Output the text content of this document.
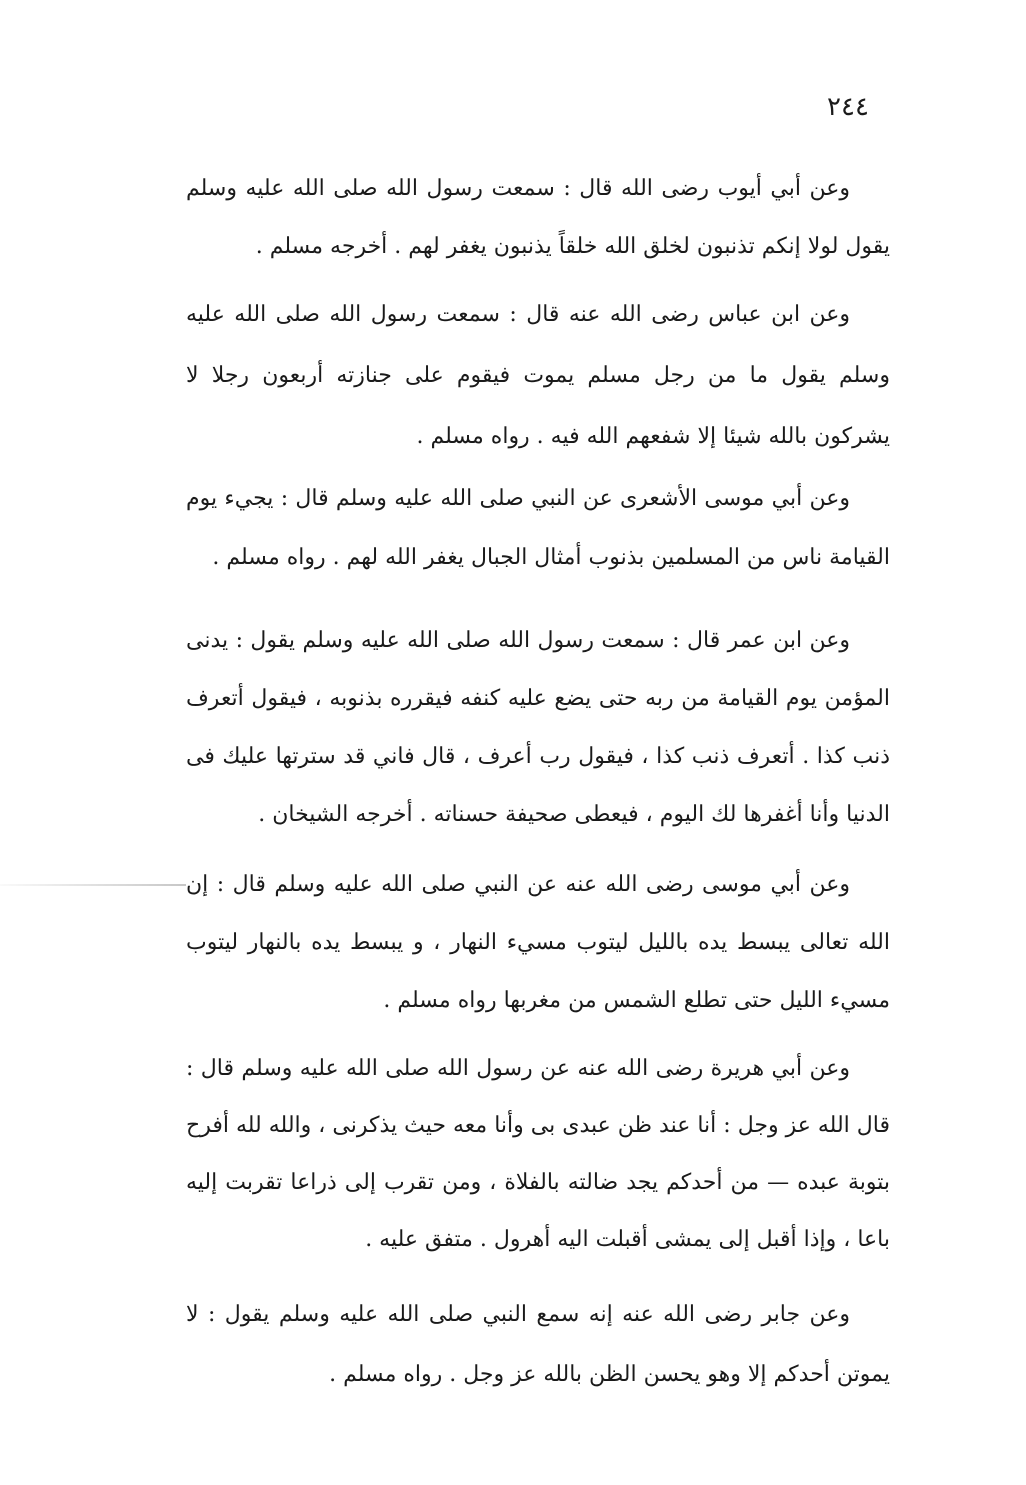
٢٤٤

وعن أبي أيوب رضى الله قال : سمعت رسول الله صلى الله عليه وسلم يقول لولا إنكم تذنبون لخلق الله خلقاً يذنبون يغفر لهم . أخرجه مسلم .

وعن ابن عباس رضى الله عنه قال : سمعت رسول الله صلى الله عليه وسلم يقول ما من رجل مسلم يموت فيقوم على جنازته أربعون رجلا لا يشركون بالله شيئا إلا شفعهم الله فيه . رواه مسلم .

وعن أبي موسى الأشعرى عن النبي صلى الله عليه وسلم قال : يجيء يوم القيامة ناس من المسلمين بذنوب أمثال الجبال يغفر الله لهم . رواه مسلم .

وعن ابن عمر قال : سمعت رسول الله صلى الله عليه وسلم يقول : يدنى المؤمن يوم القيامة من ربه حتى يضع عليه كنفه فيقرره بذنوبه ، فيقول أتعرف ذنب كذا . أتعرف ذنب كذا ، فيقول رب أعرف ، قال فاني قد سترتها عليك فى الدنيا وأنا أغفرها لك اليوم ، فيعطى صحيفة حسناته . أخرجه الشيخان .

وعن أبي موسى رضى الله عنه عن النبي صلى الله عليه وسلم قال : إن الله تعالى يبسط يده بالليل ليتوب مسيء النهار ، و يبسط يده بالنهار ليتوب مسيء الليل حتى تطلع الشمس من مغربها رواه مسلم .

وعن أبي هريرة رضى الله عنه عن رسول الله صلى الله عليه وسلم قال : قال الله عز وجل : أنا عند ظن عبدى بى وأنا معه حيث يذكرنى ، والله لله أفرح بتوبة عبده — من أحدكم يجد ضالته بالفلاة ، ومن تقرب إلى ذراعا تقربت إليه باعا ، وإذا أقبل إلى يمشى أقبلت اليه أهرول . متفق عليه .

وعن جابر رضى الله عنه إنه سمع النبي صلى الله عليه وسلم يقول : لا يموتن أحدكم إلا وهو يحسن الظن بالله عز وجل . رواه مسلم .
